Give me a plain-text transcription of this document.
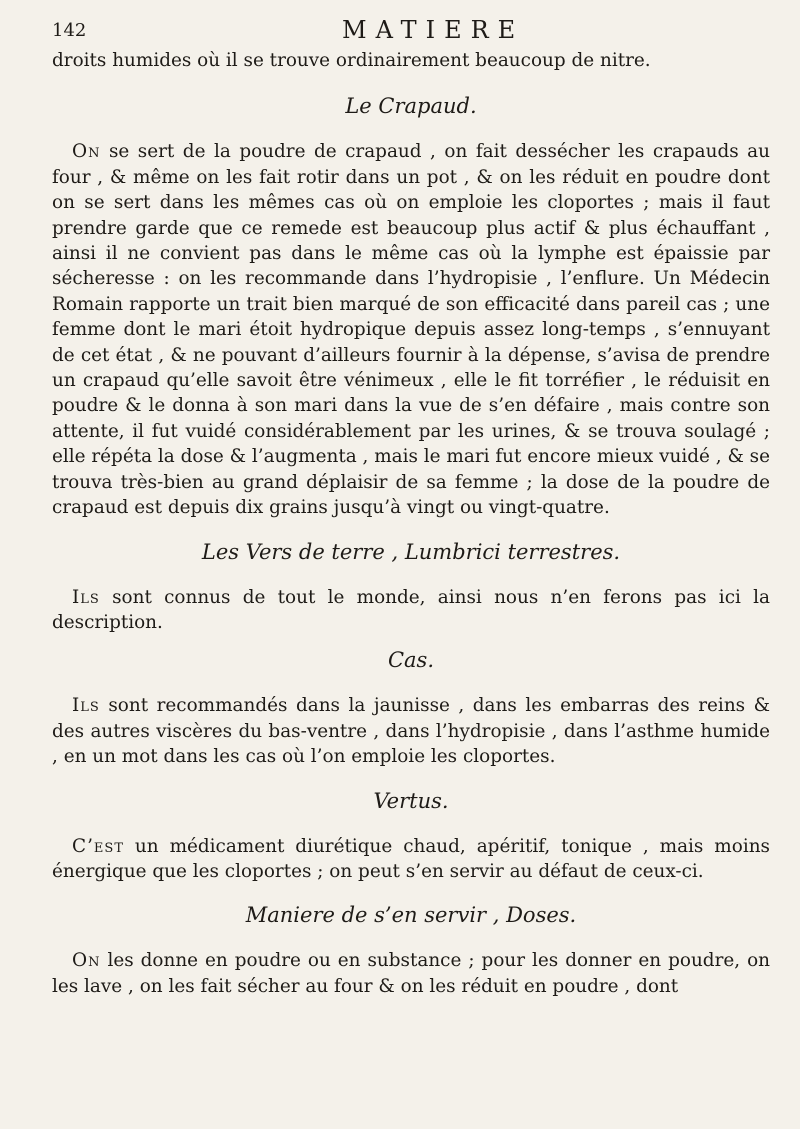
142	MATIERE

droits humides où il se trouve ordinairement beaucoup de nitre.

Le Crapaud.

On se sert de la poudre de crapaud , on fait dessécher les crapauds au four , & même on les fait rotir dans un pot , & on les réduit en poudre dont on se sert dans les mêmes cas où on emploie les cloportes ; mais il faut prendre garde que ce remede est beaucoup plus actif & plus échauffant , ainsi il ne convient pas dans le même cas où la lymphe est épaissie par sécheresse : on les recommande dans l’hydropisie , l’enflure. Un Médecin Romain rapporte un trait bien marqué de son efficacité dans pareil cas ; une femme dont le mari étoit hydropique depuis assez long-temps , s’ennuyant de cet état , & ne pouvant d’ailleurs fournir à la dépense, s’avisa de prendre un crapaud qu’elle savoit être vénimeux , elle le fit torréfier , le réduisit en poudre & le donna à son mari dans la vue de s’en défaire , mais contre son attente, il fut vuidé considérablement par les urines, & se trouva soulagé ; elle répéta la dose & l’augmenta , mais le mari fut encore mieux vuidé , & se trouva très-bien au grand déplaisir de sa femme ; la dose de la poudre de crapaud est depuis dix grains jusqu’à vingt ou vingt-quatre.

Les Vers de terre , Lumbrici terrestres.

Ils sont connus de tout le monde, ainsi nous n’en ferons pas ici la description.

Cas.

Ils sont recommandés dans la jaunisse , dans les embarras des reins & des autres viscères du bas-ventre , dans l’hydropisie , dans l’asthme humide , en un mot dans les cas où l’on emploie les cloportes.

Vertus.

C’est un médicament diurétique chaud, apéritif, tonique , mais moins énergique que les cloportes ; on peut s’en servir au défaut de ceux-ci.

Maniere de s’en servir , Doses.

On les donne en poudre ou en substance ; pour les donner en poudre, on les lave , on les fait sécher au four & on les réduit en poudre , dont
